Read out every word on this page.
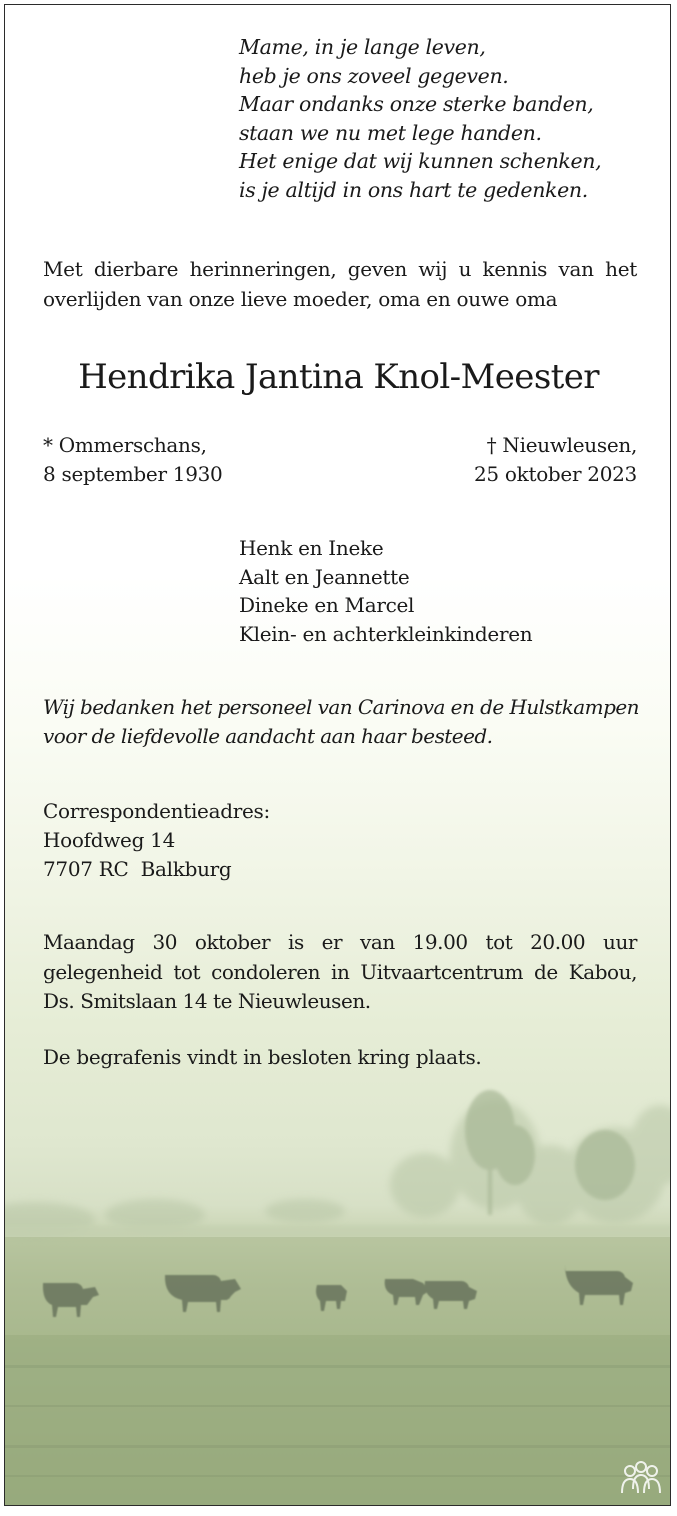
Mame, in je lange leven,
heb je ons zoveel gegeven.
Maar ondanks onze sterke banden,
staan we nu met lege handen.
Het enige dat wij kunnen schenken,
is je altijd in ons hart te gedenken.
Met dierbare herinneringen, geven wij u kennis van het
overlijden van onze lieve moeder, oma en ouwe oma
Hendrika Jantina Knol-Meester
* Ommerschans,
8 september 1930
† Nieuwleusen,
25 oktober 2023
Henk en Ineke
Aalt en Jeannette
Dineke en Marcel
Klein- en achterkleinkinderen
Wij bedanken het personeel van Carinova en de Hulstkampen
voor de liefdevolle aandacht aan haar besteed.
Correspondentieadres:
Hoofdweg 14
7707 RC  Balkburg
Maandag 30 oktober is er van 19.00 tot 20.00 uur
gelegenheid tot condoleren in Uitvaartcentrum de Kabou,
Ds. Smitslaan 14 te Nieuwleusen.
De begrafenis vindt in besloten kring plaats.
